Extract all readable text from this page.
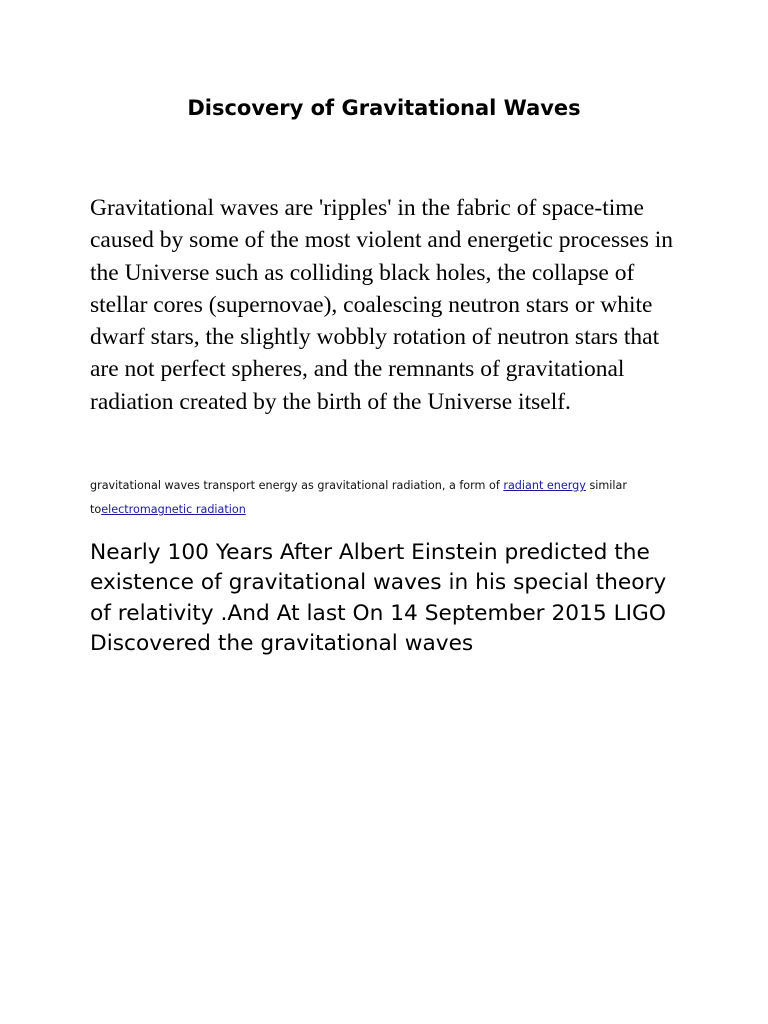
Discovery of Gravitational Waves

Gravitational waves are 'ripples' in the fabric of space-time caused by some of the most violent and energetic processes in the Universe such as colliding black holes, the collapse of stellar cores (supernovae), coalescing neutron stars or white dwarf stars, the slightly wobbly rotation of neutron stars that are not perfect spheres, and the remnants of gravitational radiation created by the birth of the Universe itself.

gravitational waves transport energy as gravitational radiation, a form of radiant energy similar toelectromagnetic radiation

Nearly 100 Years After Albert Einstein predicted the existence of gravitational waves in his special theory of relativity .And At last On 14 September 2015 LIGO Discovered the gravitational waves
